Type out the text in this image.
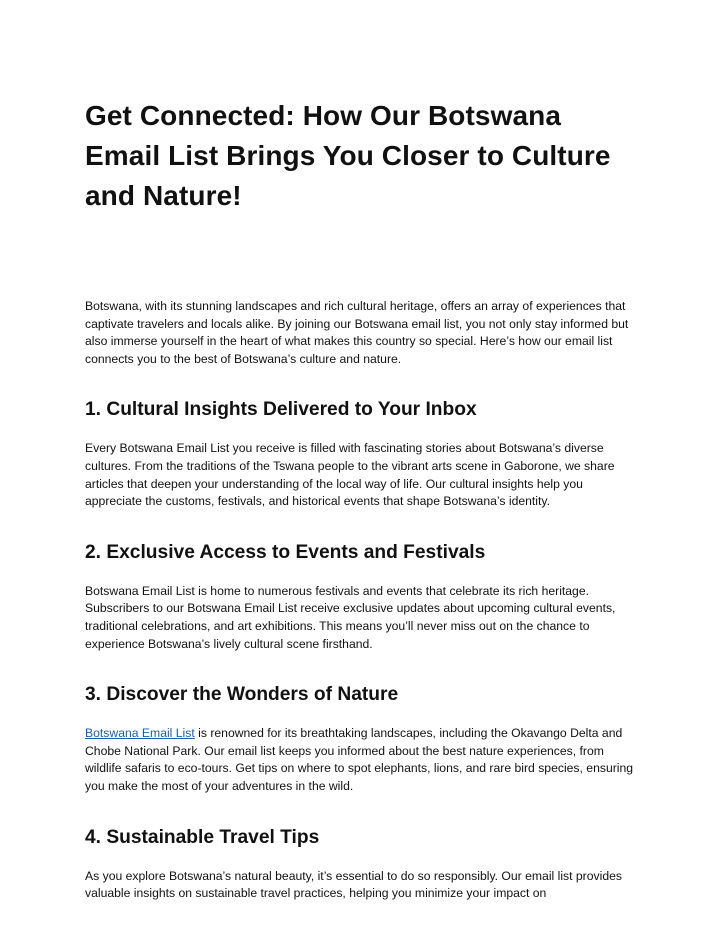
Get Connected: How Our Botswana Email List Brings You Closer to Culture and Nature!

Botswana, with its stunning landscapes and rich cultural heritage, offers an array of experiences that captivate travelers and locals alike. By joining our Botswana email list, you not only stay informed but also immerse yourself in the heart of what makes this country so special. Here’s how our email list connects you to the best of Botswana’s culture and nature.

1. Cultural Insights Delivered to Your Inbox

Every Botswana Email List you receive is filled with fascinating stories about Botswana’s diverse cultures. From the traditions of the Tswana people to the vibrant arts scene in Gaborone, we share articles that deepen your understanding of the local way of life. Our cultural insights help you appreciate the customs, festivals, and historical events that shape Botswana’s identity.

2. Exclusive Access to Events and Festivals

Botswana Email List is home to numerous festivals and events that celebrate its rich heritage. Subscribers to our Botswana Email List receive exclusive updates about upcoming cultural events, traditional celebrations, and art exhibitions. This means you’ll never miss out on the chance to experience Botswana’s lively cultural scene firsthand.

3. Discover the Wonders of Nature

Botswana Email List is renowned for its breathtaking landscapes, including the Okavango Delta and Chobe National Park. Our email list keeps you informed about the best nature experiences, from wildlife safaris to eco-tours. Get tips on where to spot elephants, lions, and rare bird species, ensuring you make the most of your adventures in the wild.

4. Sustainable Travel Tips

As you explore Botswana’s natural beauty, it’s essential to do so responsibly. Our email list provides valuable insights on sustainable travel practices, helping you minimize your impact on
